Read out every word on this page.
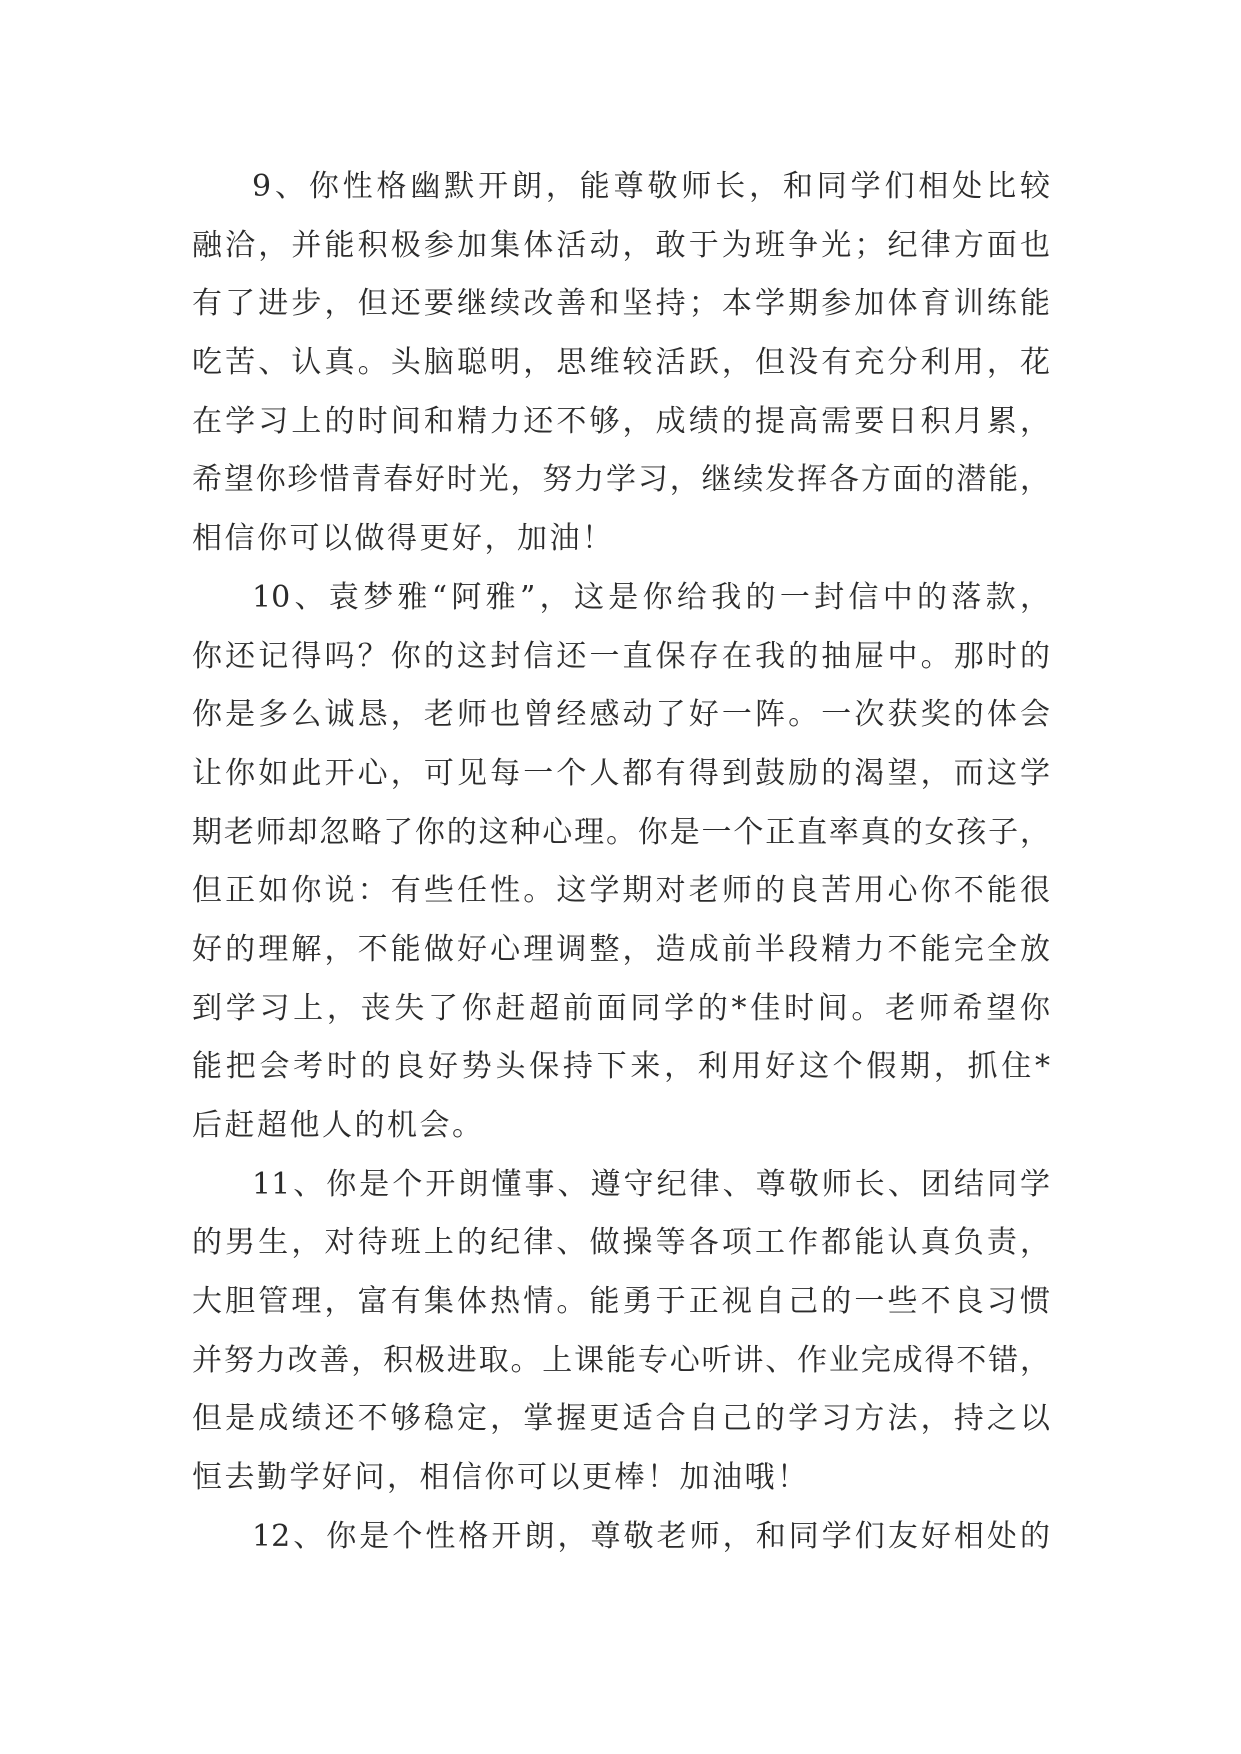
9、你性格幽默开朗，能尊敬师长，和同学们相处比较
融洽，并能积极参加集体活动，敢于为班争光；纪律方面也
有了进步，但还要继续改善和坚持；本学期参加体育训练能
吃苦、认真。头脑聪明，思维较活跃，但没有充分利用，花
在学习上的时间和精力还不够，成绩的提高需要日积月累，
希望你珍惜青春好时光，努力学习，继续发挥各方面的潜能，
相信你可以做得更好，加油！
10、袁梦雅“阿雅”，这是你给我的一封信中的落款，
你还记得吗？你的这封信还一直保存在我的抽屉中。那时的
你是多么诚恳，老师也曾经感动了好一阵。一次获奖的体会
让你如此开心，可见每一个人都有得到鼓励的渴望，而这学
期老师却忽略了你的这种心理。你是一个正直率真的女孩子，
但正如你说：有些任性。这学期对老师的良苦用心你不能很
好的理解，不能做好心理调整，造成前半段精力不能完全放
到学习上，丧失了你赶超前面同学的*佳时间。老师希望你
能把会考时的良好势头保持下来，利用好这个假期，抓住*
后赶超他人的机会。
11、你是个开朗懂事、遵守纪律、尊敬师长、团结同学
的男生，对待班上的纪律、做操等各项工作都能认真负责，
大胆管理，富有集体热情。能勇于正视自己的一些不良习惯
并努力改善，积极进取。上课能专心听讲、作业完成得不错，
但是成绩还不够稳定，掌握更适合自己的学习方法，持之以
恒去勤学好问，相信你可以更棒！加油哦！
12、你是个性格开朗，尊敬老师，和同学们友好相处的
